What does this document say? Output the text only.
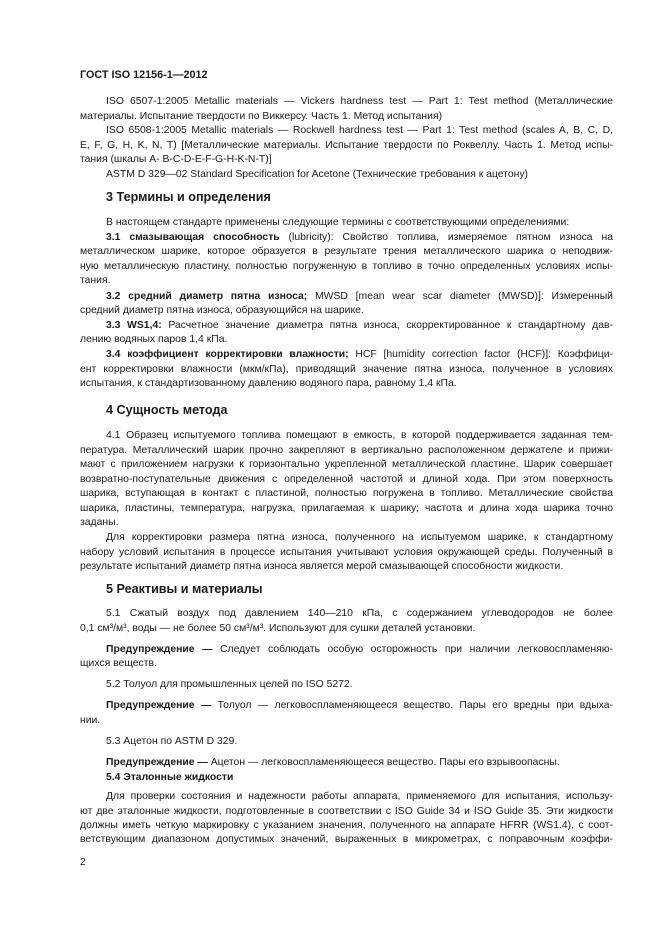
ГОСТ ISO 12156-1—2012
ISO 6507-1:2005 Metallic materials — Vickers hardness test — Part 1: Test method (Металлические
материалы. Испытание твердости по Виккерсу. Часть 1. Метод испытания)
ISO 6508-1:2005 Metallic materials — Rockwell hardness test — Part 1: Test method (scales A, B, C, D,
E, F, G, H, K, N, T) [Металлические материалы. Испытание твердости по Роквеллу. Часть 1. Метод испы-
тания (шкалы A- B-C-D-E-F-G-H-K-N-T)]
ASTM D 329—02 Standard Specification for Acetone (Технические требования к ацетону)
3 Термины и определения
В настоящем стандарте применены следующие термины с соответствующими определениями:
3.1 смазывающая способность (lubricity): Свойство топлива, измеряемое пятном износа на
металлическом шарике, которое образуется в результате трения металлического шарика о неподвиж-
ную металлическую пластину, полностью погруженную в топливо в точно определенных условиях испы-
тания.
3.2 средний диаметр пятна износа; MWSD [mean wear scar diameter (MWSD)]: Измеренный
средний диаметр пятна износа, образующийся на шарике.
3.3 WS1,4: Расчетное значение диаметра пятна износа, скорректированное к стандартному дав-
лению водяных паров 1,4 кПа.
3.4 коэффициент корректировки влажности; HCF [humidity correction factor (HCF)]: Коэффици-
ент корректировки влажности (мкм/кПа), приводящий значение пятна износа, полученное в условиях
испытания, к стандартизованному давлению водяного пара, равному 1,4 кПа.
4 Сущность метода
4.1 Образец испытуемого топлива помещают в емкость, в которой поддерживается заданная тем-
пература. Металлический шарик прочно закрепляют в вертикально расположенном держателе и прижи-
мают с приложением нагрузки к горизонтально укрепленной металлической пластине. Шарик совершает
возвратно-поступательные движения с определенной частотой и длиной хода. При этом поверхность
шарика, вступающая в контакт с пластиной, полностью погружена в топливо. Металлические свойства
шарика, пластины, температура, нагрузка, прилагаемая к шарику; частота и длина хода шарика точно
заданы.
Для корректировки размера пятна износа, полученного на испытуемом шарике, к стандартному
набору условий испытания в процессе испытания учитывают условия окружающей среды. Полученный в
результате испытаний диаметр пятна износа является мерой смазывающей способности жидкости.
5 Реактивы и материалы
5.1 Сжатый воздух под давлением 140—210 кПа, с содержанием углеводородов не более
0,1 см³/м³, воды — не более 50 см³/м³. Используют для сушки деталей установки.
Предупреждение — Следует соблюдать особую осторожность при наличии легковоспламеняю-
щихся веществ.
5.2 Толуол для промышленных целей по ISO 5272.
Предупреждение — Толуол — легковоспламеняющееся вещество. Пары его вредны при вдыха-
нии.
5.3 Ацетон по ASTM D 329.
Предупреждение — Ацетон — легковоспламеняющееся вещество. Пары его взрывоопасны.
5.4 Эталонные жидкости
Для проверки состояния и надежности работы аппарата, применяемого для испытания, использу-
ют две эталонные жидкости, подготовленные в соответствии с ISO Guide 34 и ISO Guide 35. Эти жидкости
должны иметь четкую маркировку с указанием значения, полученного на аппарате HFRR (WS1.4), с соот-
ветствующим диапазоном допустимых значений, выраженных в микрометрах, с поправочным коэффи-
2
